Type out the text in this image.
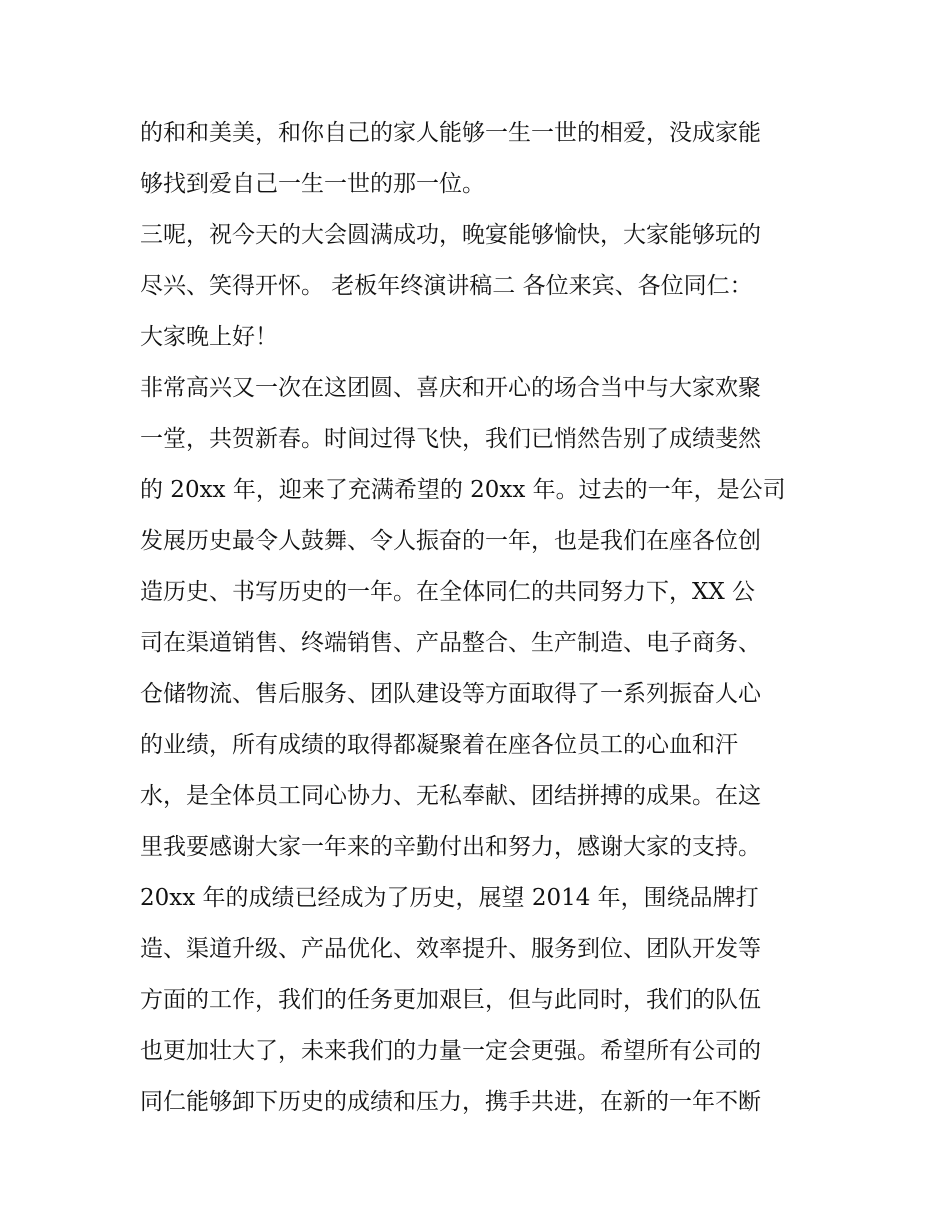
的和和美美，和你自己的家人能够一生一世的相爱，没成家能
够找到爱自己一生一世的那一位。
三呢，祝今天的大会圆满成功，晚宴能够愉快，大家能够玩的
尽兴、笑得开怀。 老板年终演讲稿二 各位来宾、各位同仁：
大家晚上好！
非常高兴又一次在这团圆、喜庆和开心的场合当中与大家欢聚
一堂，共贺新春。时间过得飞快，我们已悄然告别了成绩斐然
的 20xx 年，迎来了充满希望的 20xx 年。过去的一年，是公司
发展历史最令人鼓舞、令人振奋的一年，也是我们在座各位创
造历史、书写历史的一年。在全体同仁的共同努力下，XX 公
司在渠道销售、终端销售、产品整合、生产制造、电子商务、
仓储物流、售后服务、团队建设等方面取得了一系列振奋人心
的业绩，所有成绩的取得都凝聚着在座各位员工的心血和汗
水，是全体员工同心协力、无私奉献、团结拼搏的成果。在这
里我要感谢大家一年来的辛勤付出和努力，感谢大家的支持。
20xx 年的成绩已经成为了历史，展望 2014 年，围绕品牌打
造、渠道升级、产品优化、效率提升、服务到位、团队开发等
方面的工作，我们的任务更加艰巨，但与此同时，我们的队伍
也更加壮大了，未来我们的力量一定会更强。希望所有公司的
同仁能够卸下历史的成绩和压力，携手共进，在新的一年不断
